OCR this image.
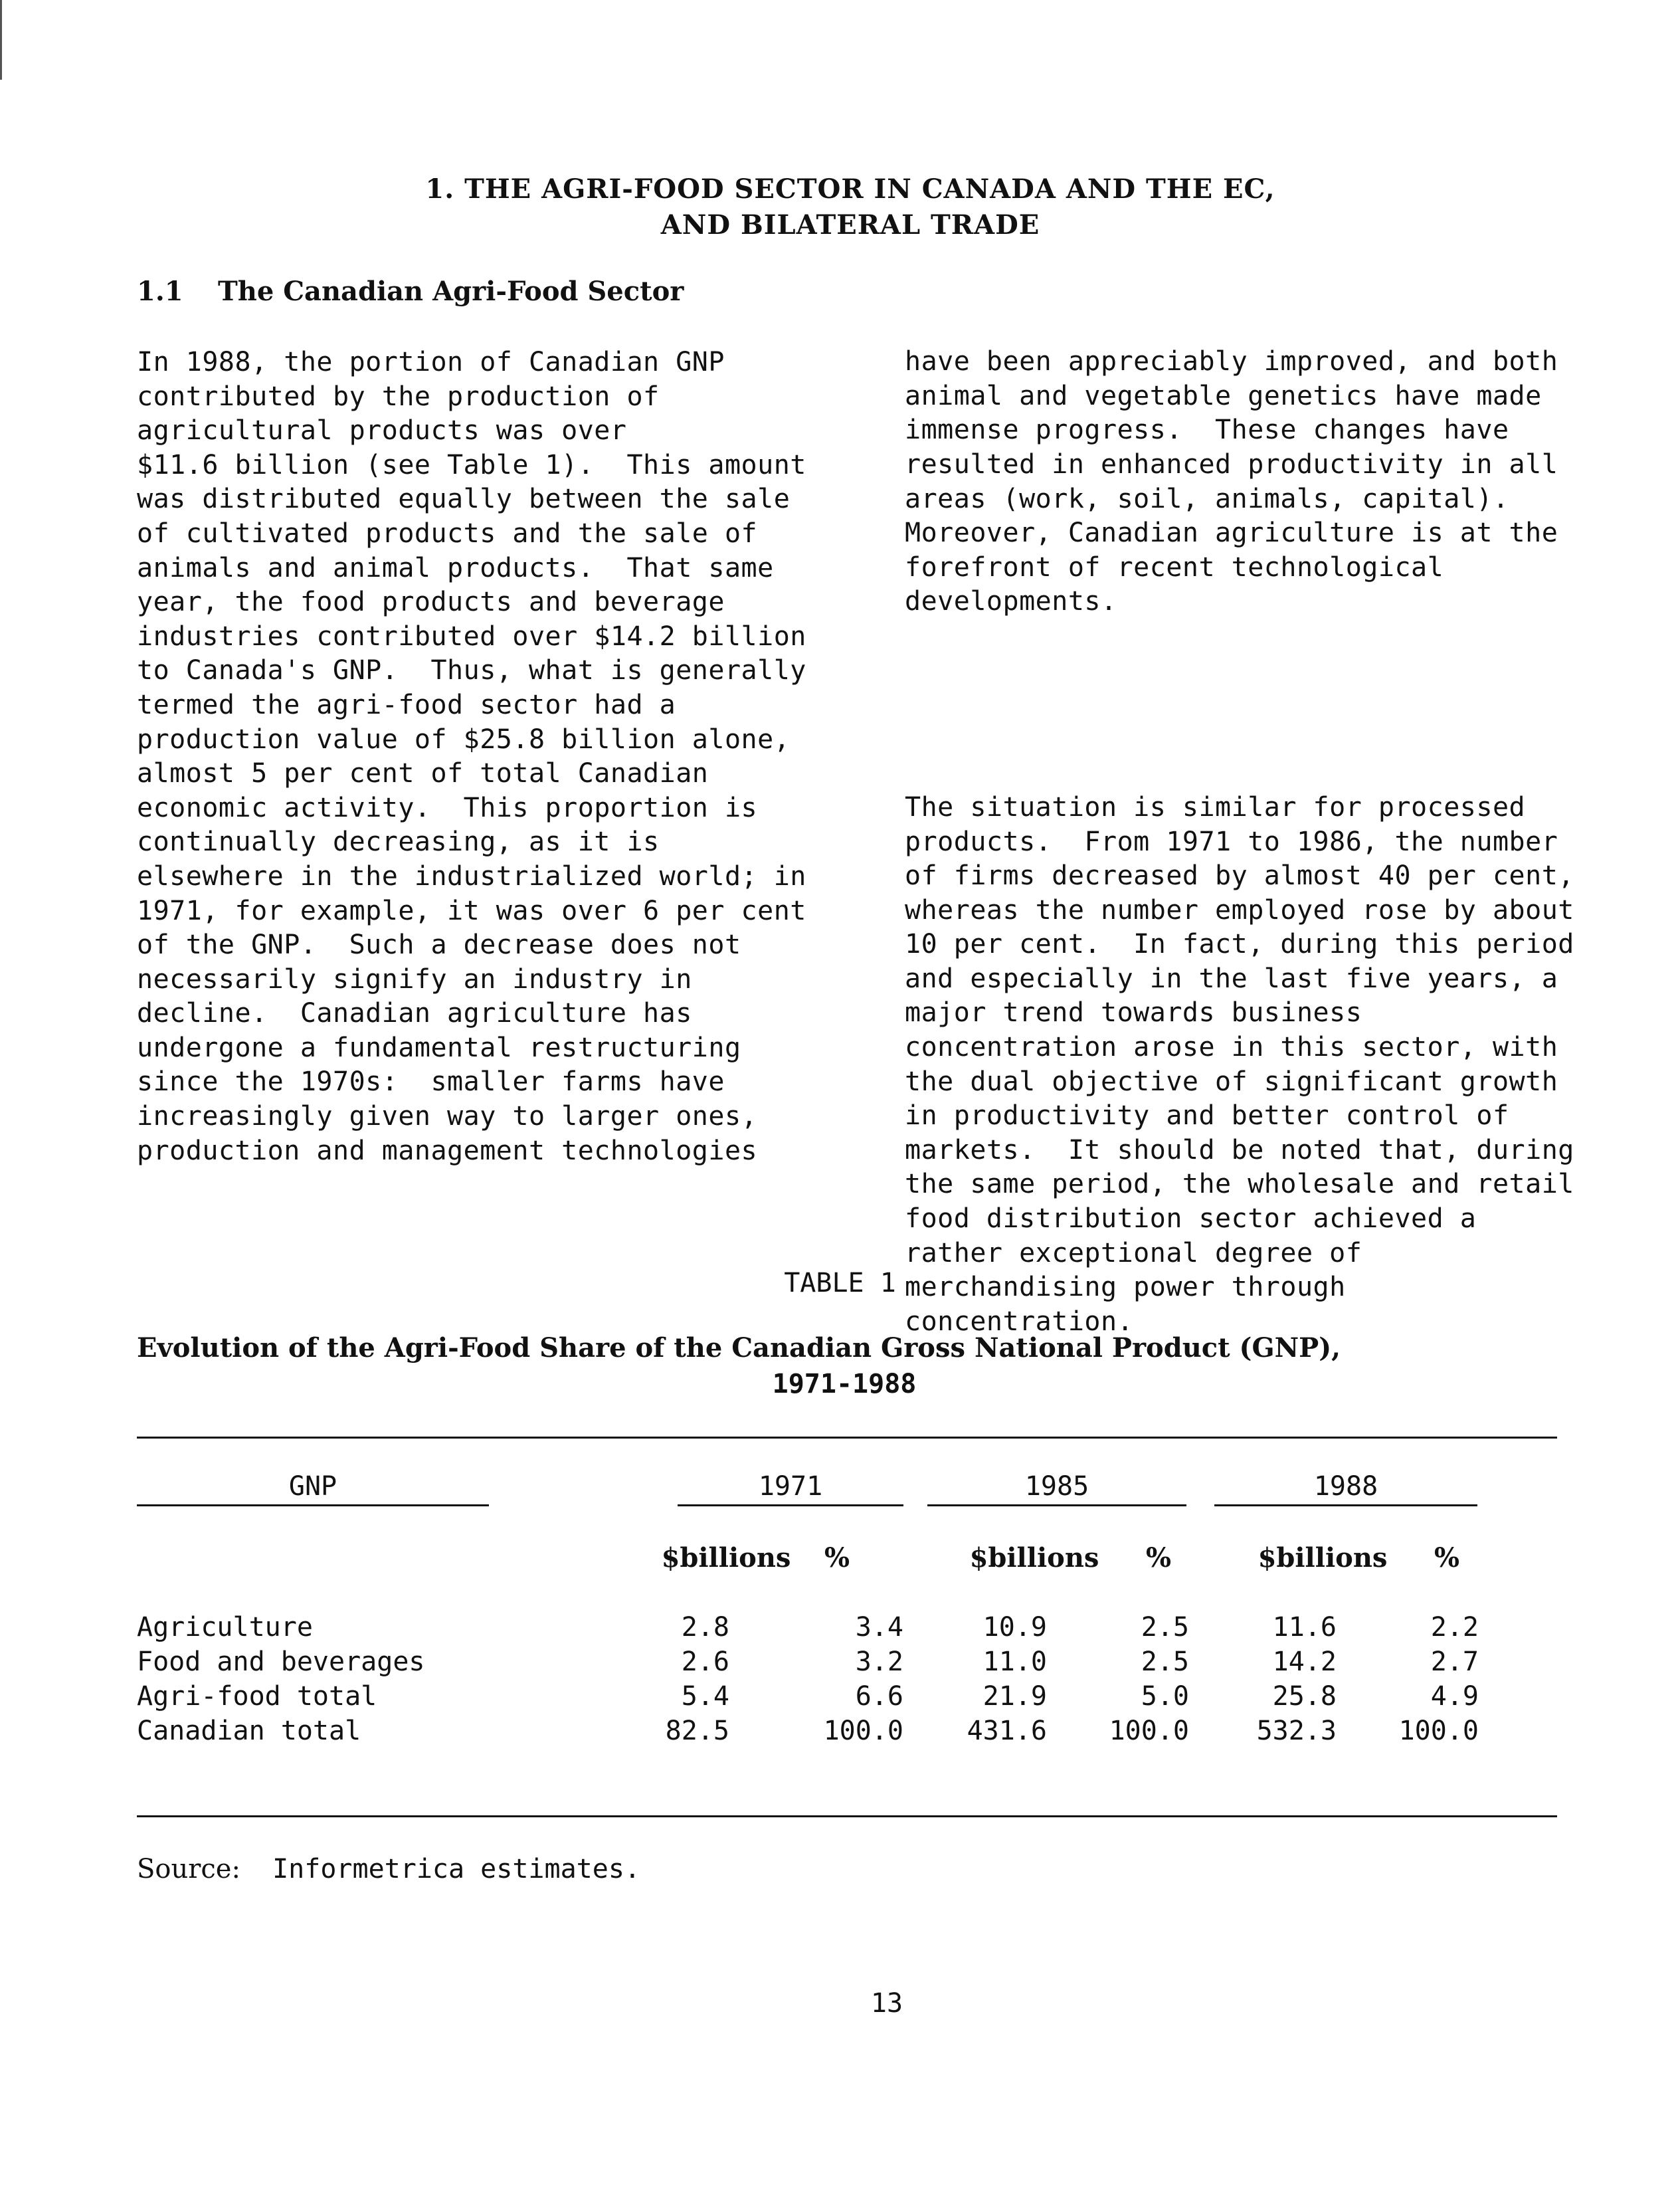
1. THE AGRI-FOOD SECTOR IN CANADA AND THE EC,
AND BILATERAL TRADE
1.1 The Canadian Agri-Food Sector
In 1988, the portion of Canadian GNP
contributed by the production of
agricultural products was over
$11.6 billion (see Table 1).  This amount
was distributed equally between the sale
of cultivated products and the sale of
animals and animal products.  That same
year, the food products and beverage
industries contributed over $14.2 billion
to Canada's GNP.  Thus, what is generally
termed the agri-food sector had a
production value of $25.8 billion alone,
almost 5 per cent of total Canadian
economic activity.  This proportion is
continually decreasing, as it is
elsewhere in the industrialized world; in
1971, for example, it was over 6 per cent
of the GNP.  Such a decrease does not
necessarily signify an industry in
decline.  Canadian agriculture has
undergone a fundamental restructuring
since the 1970s:  smaller farms have
increasingly given way to larger ones,
production and management technologies

have been appreciably improved, and both
animal and vegetable genetics have made
immense progress.  These changes have
resulted in enhanced productivity in all
areas (work, soil, animals, capital).
Moreover, Canadian agriculture is at the
forefront of recent technological
developments.

The situation is similar for processed
products.  From 1971 to 1986, the number
of firms decreased by almost 40 per cent,
whereas the number employed rose by about
10 per cent.  In fact, during this period
and especially in the last five years, a
major trend towards business
concentration arose in this sector, with
the dual objective of significant growth
in productivity and better control of
markets.  It should be noted that, during
the same period, the wholesale and retail
food distribution sector achieved a
rather exceptional degree of
merchandising power through
concentration.

TABLE 1
Evolution of the Agri-Food Share of the Canadian Gross National Product (GNP),
1971-1988
GNP	1971	1985	1988
$billions	%	$billions	%	$billions	%
Agriculture	2.8	3.4	10.9	2.5	11.6	2.2
Food and beverages	2.6	3.2	11.0	2.5	14.2	2.7
Agri-food total	5.4	6.6	21.9	5.0	25.8	4.9
Canadian total	82.5	100.0	431.6	100.0	532.3	100.0
Source: Informetrica estimates.
13
